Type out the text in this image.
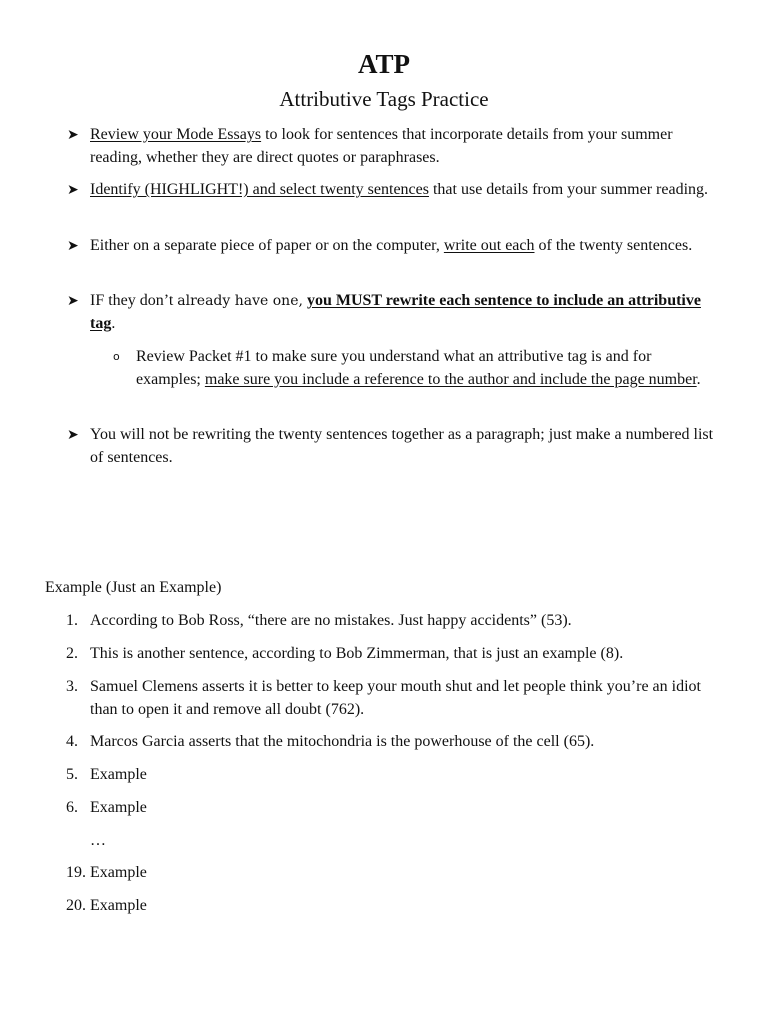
ATP
Attributive Tags Practice
➤ Review your Mode Essays to look for sentences that incorporate details from your summer reading, whether they are direct quotes or paraphrases.
➤ Identify (HIGHLIGHT!) and select twenty sentences that use details from your summer reading.
➤ Either on a separate piece of paper or on the computer, write out each of the twenty sentences.
➤ IF they don’t already have one, you MUST rewrite each sentence to include an attributive tag.
o Review Packet #1 to make sure you understand what an attributive tag is and for examples; make sure you include a reference to the author and include the page number.
➤ You will not be rewriting the twenty sentences together as a paragraph; just make a numbered list of sentences.
Example (Just an Example)
1. According to Bob Ross, “there are no mistakes. Just happy accidents” (53).
2. This is another sentence, according to Bob Zimmerman, that is just an example (8).
3. Samuel Clemens asserts it is better to keep your mouth shut and let people think you’re an idiot than to open it and remove all doubt (762).
4. Marcos Garcia asserts that the mitochondria is the powerhouse of the cell (65).
5. Example
6. Example
…
19. Example
20. Example
